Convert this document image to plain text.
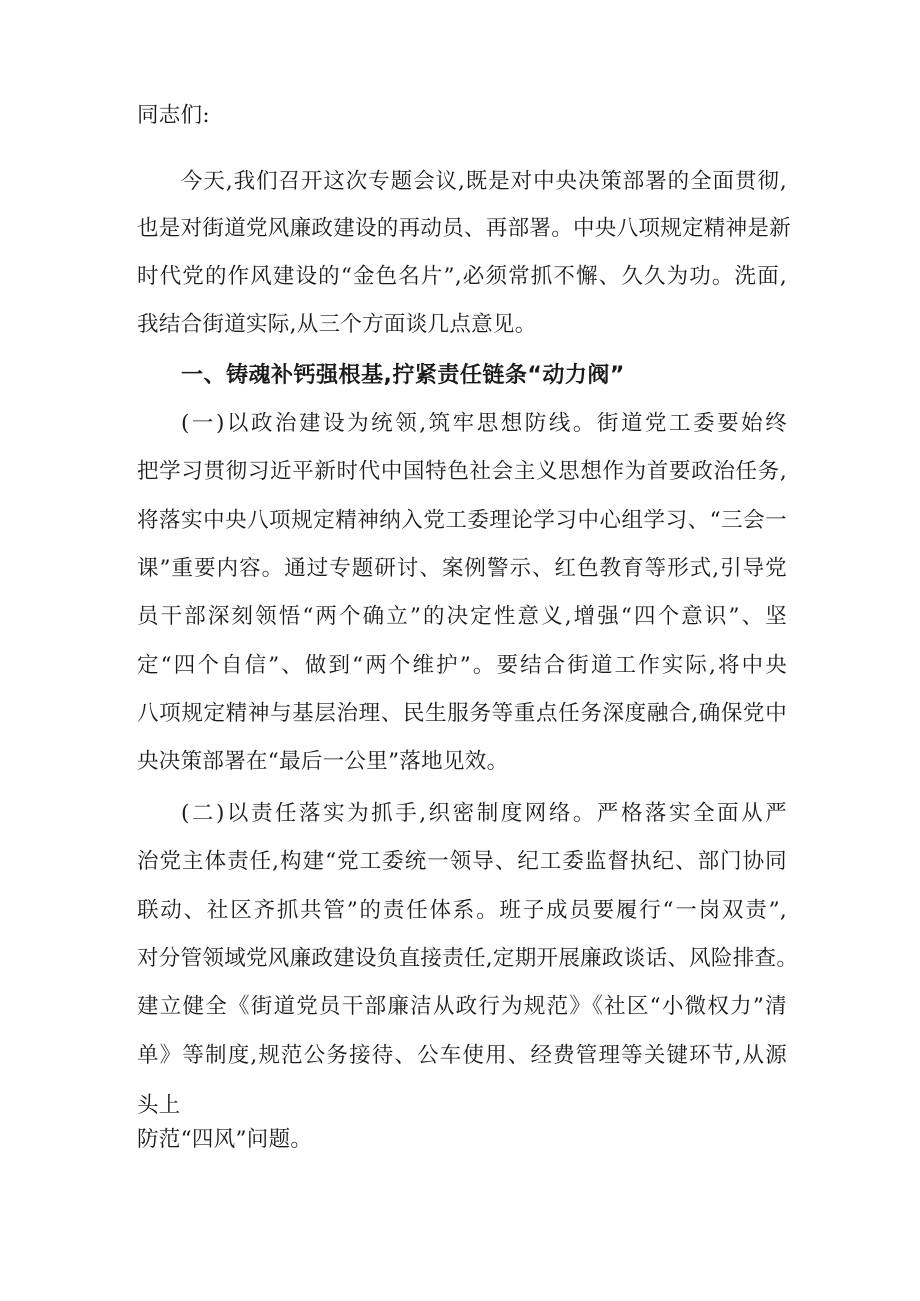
同志们:
今天,我们召开这次专题会议,既是对中央决策部署的全面贯彻,
也是对街道党风廉政建设的再动员、再部署。中央八项规定精神是新
时代党的作风建设的“金色名片”,必须常抓不懈、久久为功。洗面,
我结合街道实际,从三个方面谈几点意见。
一、铸魂补钙强根基,拧紧责任链条“动力阀”
(一)以政治建设为统领,筑牢思想防线。街道党工委要始终
把学习贯彻习近平新时代中国特色社会主义思想作为首要政治任务,
将落实中央八项规定精神纳入党工委理论学习中心组学习、“三会一
课”重要内容。通过专题研讨、案例警示、红色教育等形式,引导党
员干部深刻领悟“两个确立”的决定性意义,增强“四个意识”、坚
定“四个自信”、做到“两个维护”。要结合街道工作实际,将中央
八项规定精神与基层治理、民生服务等重点任务深度融合,确保党中
央决策部署在“最后一公里”落地见效。
(二)以责任落实为抓手,织密制度网络。严格落实全面从严
治党主体责任,构建“党工委统一领导、纪工委监督执纪、部门协同
联动、社区齐抓共管”的责任体系。班子成员要履行“一岗双责”,
对分管领域党风廉政建设负直接责任,定期开展廉政谈话、风险排查。
建立健全《街道党员干部廉洁从政行为规范》《社区“小微权力”清
单》等制度,规范公务接待、公车使用、经费管理等关键环节,从源
头上
防范“四风”问题。
